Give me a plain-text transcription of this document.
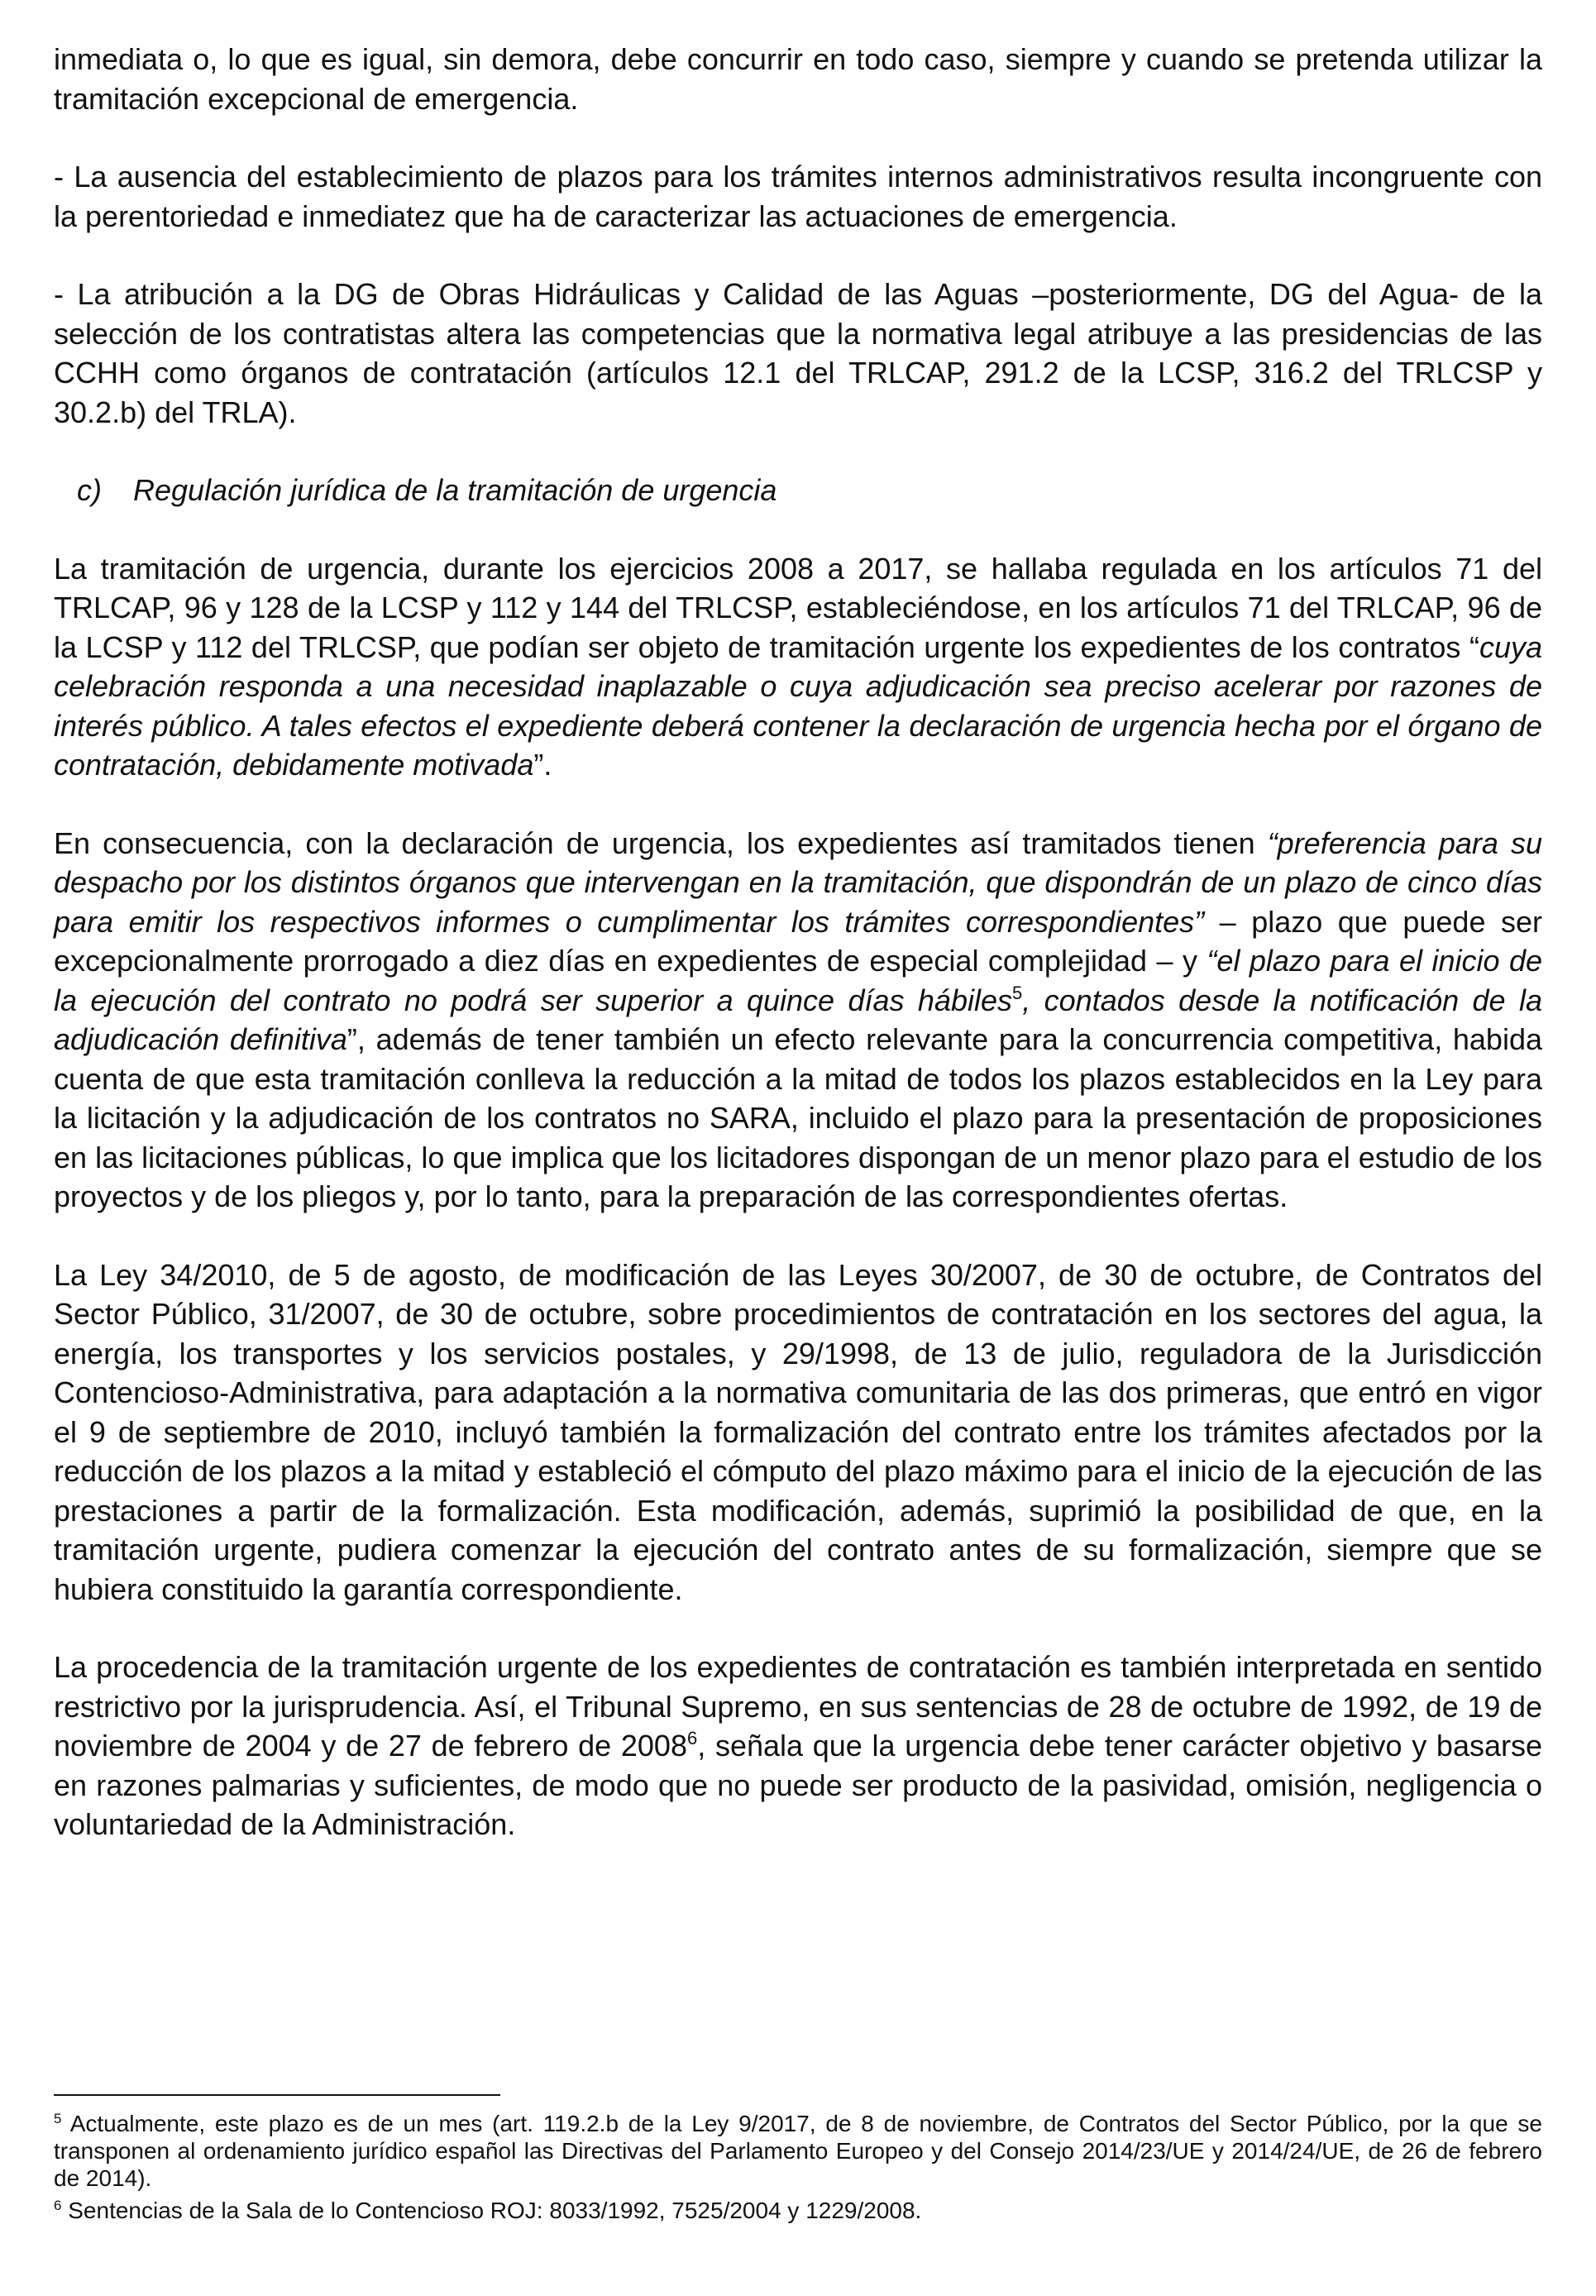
inmediata o, lo que es igual, sin demora, debe concurrir en todo caso, siempre y cuando se pretenda utilizar la tramitación excepcional de emergencia.

- La ausencia del establecimiento de plazos para los trámites internos administrativos resulta incongruente con la perentoriedad e inmediatez que ha de caracterizar las actuaciones de emergencia.

- La atribución a la DG de Obras Hidráulicas y Calidad de las Aguas –posteriormente, DG del Agua- de la selección de los contratistas altera las competencias que la normativa legal atribuye a las presidencias de las CCHH como órganos de contratación (artículos 12.1 del TRLCAP, 291.2 de la LCSP, 316.2 del TRLCSP y 30.2.b) del TRLA).

c) Regulación jurídica de la tramitación de urgencia

La tramitación de urgencia, durante los ejercicios 2008 a 2017, se hallaba regulada en los artículos 71 del TRLCAP, 96 y 128 de la LCSP y 112 y 144 del TRLCSP, estableciéndose, en los artículos 71 del TRLCAP, 96 de la LCSP y 112 del TRLCSP, que podían ser objeto de tramitación urgente los expedientes de los contratos “cuya celebración responda a una necesidad inaplazable o cuya adjudicación sea preciso acelerar por razones de interés público. A tales efectos el expediente deberá contener la declaración de urgencia hecha por el órgano de contratación, debidamente motivada”.

En consecuencia, con la declaración de urgencia, los expedientes así tramitados tienen “preferencia para su despacho por los distintos órganos que intervengan en la tramitación, que dispondrán de un plazo de cinco días para emitir los respectivos informes o cumplimentar los trámites correspondientes” – plazo que puede ser excepcionalmente prorrogado a diez días en expedientes de especial complejidad – y “el plazo para el inicio de la ejecución del contrato no podrá ser superior a quince días hábiles$^5$, contados desde la notificación de la adjudicación definitiva”, además de tener también un efecto relevante para la concurrencia competitiva, habida cuenta de que esta tramitación conlleva la reducción a la mitad de todos los plazos establecidos en la Ley para la licitación y la adjudicación de los contratos no SARA, incluido el plazo para la presentación de proposiciones en las licitaciones públicas, lo que implica que los licitadores dispongan de un menor plazo para el estudio de los proyectos y de los pliegos y, por lo tanto, para la preparación de las correspondientes ofertas.

La Ley 34/2010, de 5 de agosto, de modificación de las Leyes 30/2007, de 30 de octubre, de Contratos del Sector Público, 31/2007, de 30 de octubre, sobre procedimientos de contratación en los sectores del agua, la energía, los transportes y los servicios postales, y 29/1998, de 13 de julio, reguladora de la Jurisdicción Contencioso-Administrativa, para adaptación a la normativa comunitaria de las dos primeras, que entró en vigor el 9 de septiembre de 2010, incluyó también la formalización del contrato entre los trámites afectados por la reducción de los plazos a la mitad y estableció el cómputo del plazo máximo para el inicio de la ejecución de las prestaciones a partir de la formalización. Esta modificación, además, suprimió la posibilidad de que, en la tramitación urgente, pudiera comenzar la ejecución del contrato antes de su formalización, siempre que se hubiera constituido la garantía correspondiente.

La procedencia de la tramitación urgente de los expedientes de contratación es también interpretada en sentido restrictivo por la jurisprudencia. Así, el Tribunal Supremo, en sus sentencias de 28 de octubre de 1992, de 19 de noviembre de 2004 y de 27 de febrero de 2008$^6$, señala que la urgencia debe tener carácter objetivo y basarse en razones palmarias y suficientes, de modo que no puede ser producto de la pasividad, omisión, negligencia o voluntariedad de la Administración.

$^5$ Actualmente, este plazo es de un mes (art. 119.2.b de la Ley 9/2017, de 8 de noviembre, de Contratos del Sector Público, por la que se transponen al ordenamiento jurídico español las Directivas del Parlamento Europeo y del Consejo 2014/23/UE y 2014/24/UE, de 26 de febrero de 2014).

$^6$ Sentencias de la Sala de lo Contencioso ROJ: 8033/1992, 7525/2004 y 1229/2008.
